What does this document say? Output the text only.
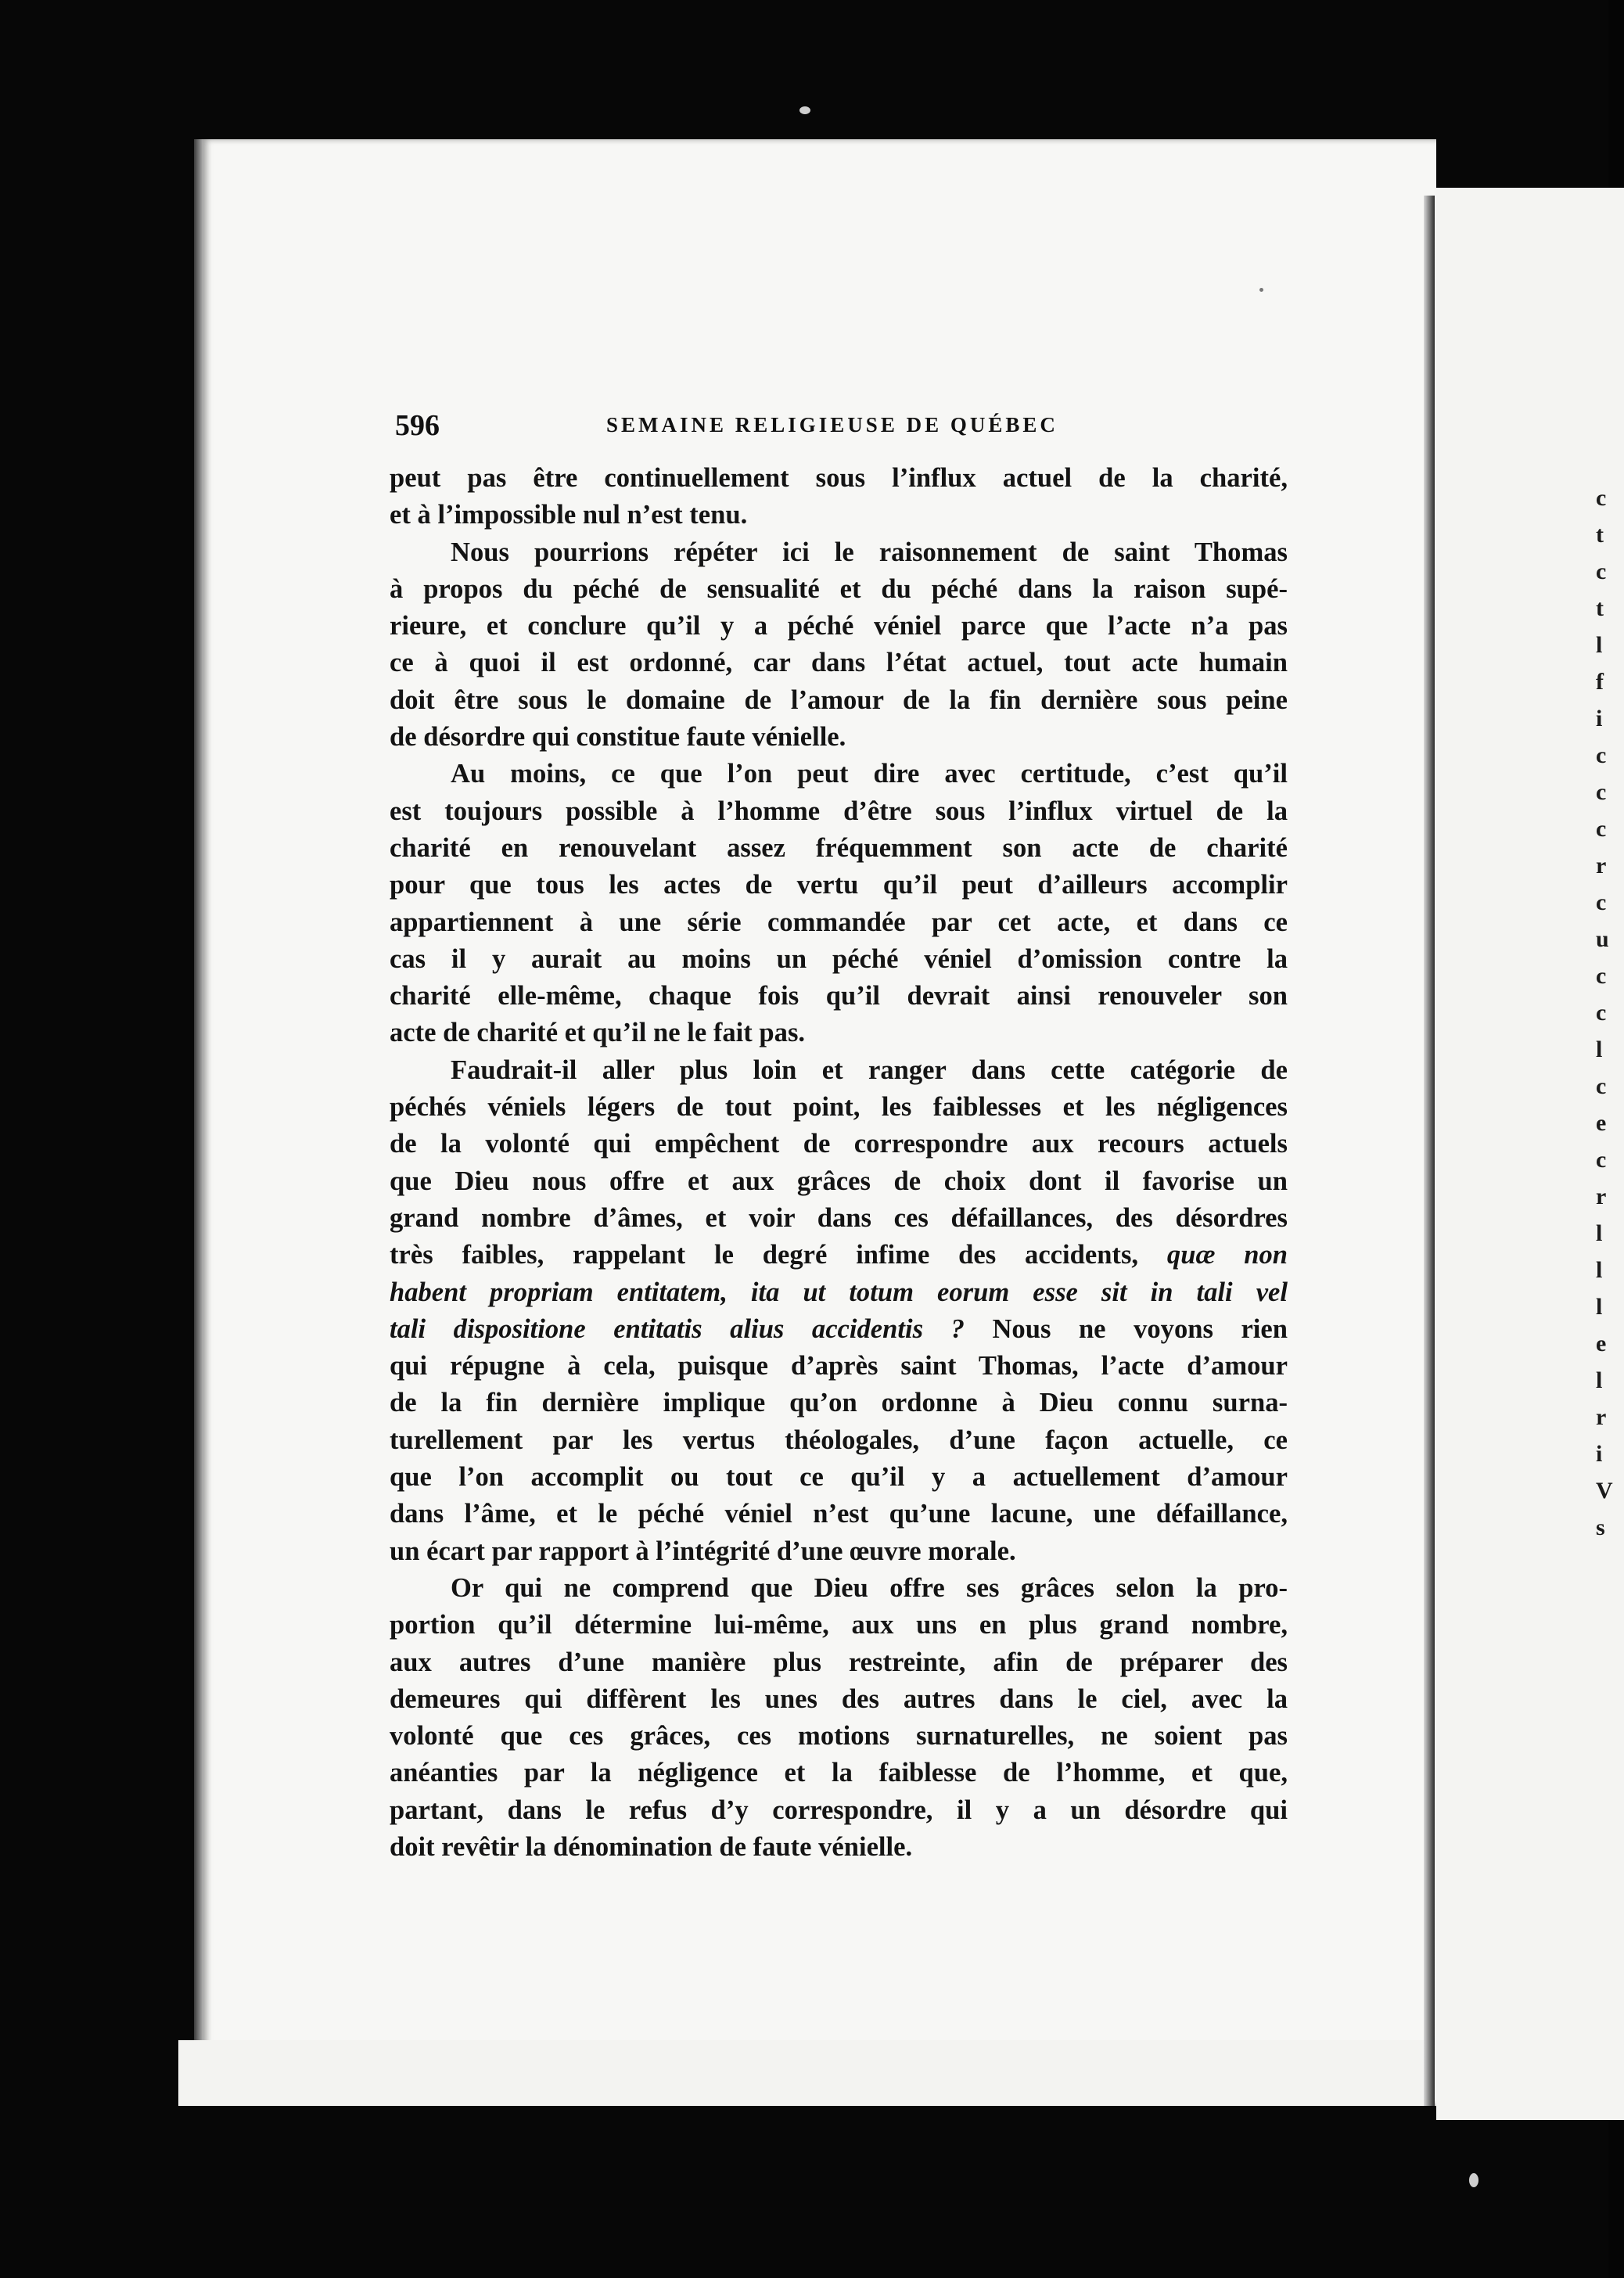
c
t
c
t
l
f
i
c
c
c
r
c
u
c
c
l
c
e
c
r
l
l
l
e
l
r
i
V
s
596	SEMAINE RELIGIEUSE DE QUÉBEC
peut pas être continuellement sous l’influx actuel de la charité,
et à l’impossible nul n’est tenu.
Nous pourrions répéter ici le raisonnement de saint Thomas
à propos du péché de sensualité et du péché dans la raison supé-
rieure, et conclure qu’il y a péché véniel parce que l’acte n’a pas
ce à quoi il est ordonné, car dans l’état actuel, tout acte humain
doit être sous le domaine de l’amour de la fin dernière sous peine
de désordre qui constitue faute vénielle.
Au moins, ce que l’on peut dire avec certitude, c’est qu’il
est toujours possible à l’homme d’être sous l’influx virtuel de la
charité en renouvelant assez fréquemment son acte de charité
pour que tous les actes de vertu qu’il peut d’ailleurs accomplir
appartiennent à une série commandée par cet acte, et dans ce
cas il y aurait au moins un péché véniel d’omission contre la
charité elle-même, chaque fois qu’il devrait ainsi renouveler son
acte de charité et qu’il ne le fait pas.
Faudrait-il aller plus loin et ranger dans cette catégorie de
péchés véniels légers de tout point, les faiblesses et les négligences
de la volonté qui empêchent de correspondre aux recours actuels
que Dieu nous offre et aux grâces de choix dont il favorise un
grand nombre d’âmes, et voir dans ces défaillances, des désordres
très faibles, rappelant le degré infime des accidents, quæ non
habent propriam entitatem, ita ut totum eorum esse sit in tali vel
tali dispositione entitatis alius accidentis ? Nous ne voyons rien
qui répugne à cela, puisque d’après saint Thomas, l’acte d’amour
de la fin dernière implique qu’on ordonne à Dieu connu surna-
turellement par les vertus théologales, d’une façon actuelle, ce
que l’on accomplit ou tout ce qu’il y a actuellement d’amour
dans l’âme, et le péché véniel n’est qu’une lacune, une défaillance,
un écart par rapport à l’intégrité d’une œuvre morale.
Or qui ne comprend que Dieu offre ses grâces selon la pro-
portion qu’il détermine lui-même, aux uns en plus grand nombre,
aux autres d’une manière plus restreinte, afin de préparer des
demeures qui diffèrent les unes des autres dans le ciel, avec la
volonté que ces grâces, ces motions surnaturelles, ne soient pas
anéanties par la négligence et la faiblesse de l’homme, et que,
partant, dans le refus d’y correspondre, il y a un désordre qui
doit revêtir la dénomination de faute vénielle.
